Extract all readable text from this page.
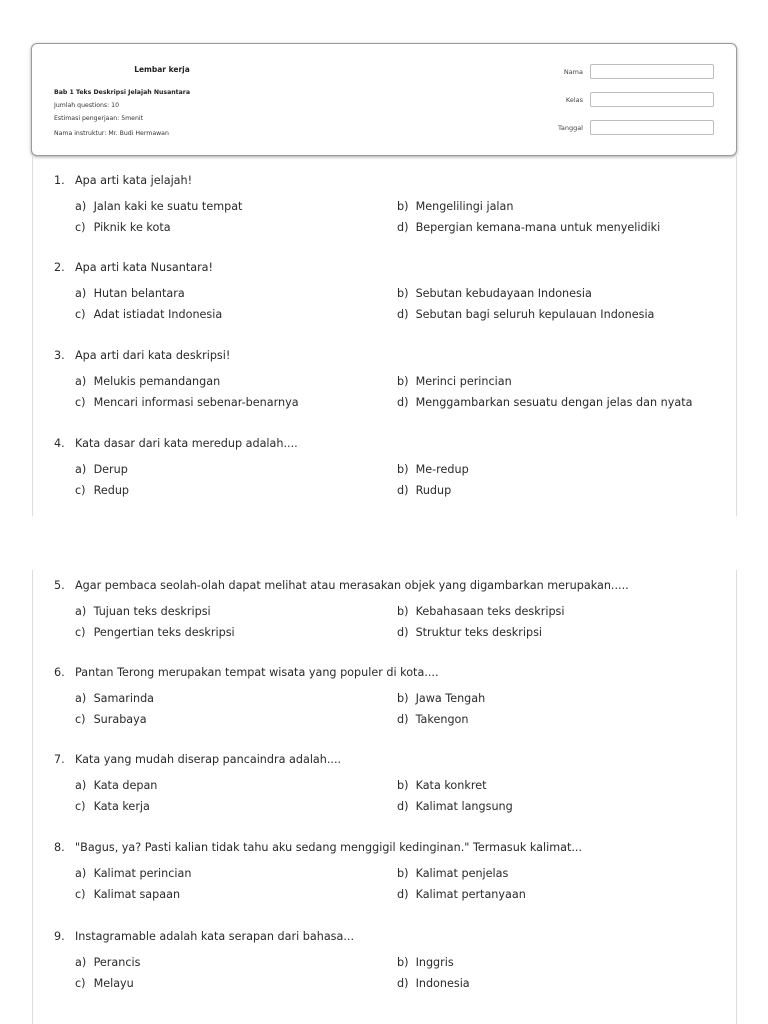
Lembar kerja
Bab 1 Teks Deskripsi Jelajah Nusantara
Jumlah questions: 10
Estimasi pengerjaan: 5menit
Nama instruktur: Mr. Budi Hermawan
Nama
Kelas
Tanggal
1. Apa arti kata jelajah!
a) Jalan kaki ke suatu tempat	b) Mengelilingi jalan
c) Piknik ke kota	d) Bepergian kemana-mana untuk menyelidiki
2. Apa arti kata Nusantara!
a) Hutan belantara	b) Sebutan kebudayaan Indonesia
c) Adat istiadat Indonesia	d) Sebutan bagi seluruh kepulauan Indonesia
3. Apa arti dari kata deskripsi!
a) Melukis pemandangan	b) Merinci perincian
c) Mencari informasi sebenar-benarnya	d) Menggambarkan sesuatu dengan jelas dan nyata
4. Kata dasar dari kata meredup adalah....
a) Derup	b) Me-redup
c) Redup	d) Rudup
5. Agar pembaca seolah-olah dapat melihat atau merasakan objek yang digambarkan merupakan.....
a) Tujuan teks deskripsi	b) Kebahasaan teks deskripsi
c) Pengertian teks deskripsi	d) Struktur teks deskripsi
6. Pantan Terong merupakan tempat wisata yang populer di kota....
a) Samarinda	b) Jawa Tengah
c) Surabaya	d) Takengon
7. Kata yang mudah diserap pancaindra adalah....
a) Kata depan	b) Kata konkret
c) Kata kerja	d) Kalimat langsung
8. "Bagus, ya? Pasti kalian tidak tahu aku sedang menggigil kedinginan." Termasuk kalimat...
a) Kalimat perincian	b) Kalimat penjelas
c) Kalimat sapaan	d) Kalimat pertanyaan
9. Instagramable adalah kata serapan dari bahasa...
a) Perancis	b) Inggris
c) Melayu	d) Indonesia
